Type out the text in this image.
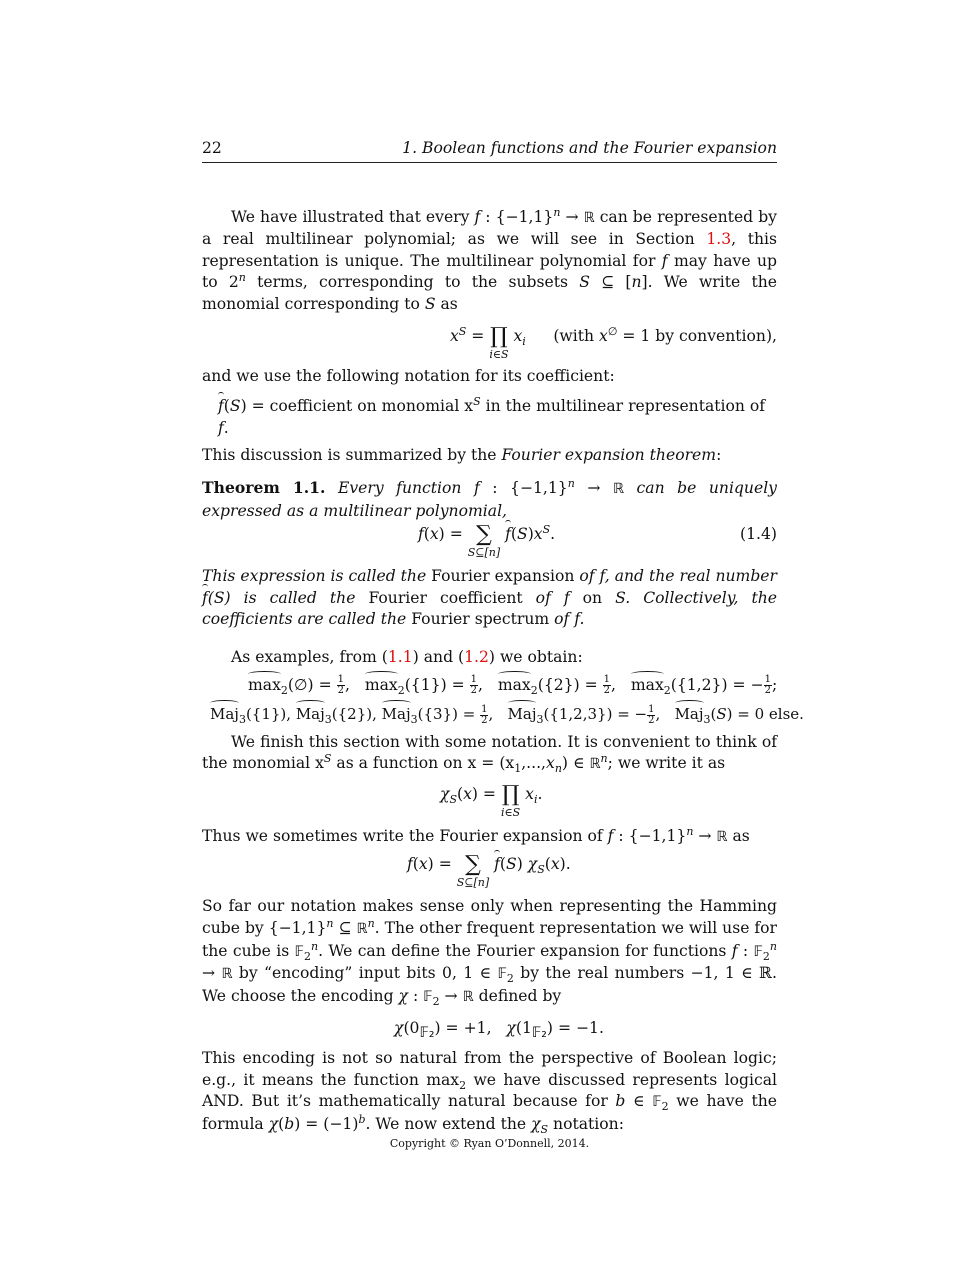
22	1. Boolean functions and the Fourier expansion

We have illustrated that every f : $\{-1,1\}^n$ → ℝ can be represented by a real multilinear polynomial; as we will see in Section 1.3, this representation is unique. The multilinear polynomial for f may have up to 2$^n$ terms, corresponding to the subsets S ⊆ [n]. We write the monomial corresponding to S as

$x^S$ = ∏
i∈S
$x_i$ (with x∅ = 1 by convention),

and we use the following notation for its coefficient:

f(S) = coefficient on monomial $x^S$ in the multilinear representation of f.

This discussion is summarized by the Fourier expansion theorem:

Theorem 1.1. Every function f : $\{-1,1\}^n$ → ℝ can be uniquely expressed as a multilinear polynomial,

f(x) = ∑
S⊆[n]
$f(S)x^S$.	(1.4)

This expression is called the Fourier expansion of f, and the real number f(S) is called the Fourier coefficient of f on S. Collectively, the coefficients are called the Fourier spectrum of f.

As examples, from (1.1) and (1.2) we obtain:

$\max_2(\emptyset) = \frac{1}{2}$ ,   $\max_2(\{1\}) = \frac{1}{2}$ ,   $\max_2(\{2\}) = \frac{1}{2}$ ,   $\max_2(\{1,2\})$ = − $\frac{1}{2}$ ;
Maj$_3$({1}), Maj$_3$({2}), $Maj_3(\{3\}) = \frac{1}{2}$ ,   Maj$_3$({1,2,3}) = − $\frac{1}{2}$ ,   Maj$_3$(S) = 0 else.

We finish this section with some notation. It is convenient to think of the monomial $x^S$ as a function on $x = (x_1,...,x_n)$ ∈ ℝ$^n$; we write it as

$\chi_S(x)$ = ∏
i∈S
$x_i$.

Thus we sometimes write the Fourier expansion of f : $\{-1,1\}^n$ → ℝ as

f(x) = ∑
S⊆[n]
f(S) $\chi_S(x)$.

So far our notation makes sense only when representing the Hamming cube by $\{-1,1\}^n$ ⊆ ℝ$^n$. The other frequent representation we will use for the cube is 𝔽$_2^n$. We can define the Fourier expansion for functions f : 𝔽$_2^n$ → ℝ by “encoding” input bits 0, 1 ∈ 𝔽$_2$ by the real numbers −1, 1 ∈ ℝ. We choose the encoding χ : 𝔽$_2$ → ℝ defined by

$\chi(0_{𝔽_2}) = +1$,   $\chi(1_{𝔽_2}) = -1$.

This encoding is not so natural from the perspective of Boolean logic; e.g., it means the function $\max_2$ we have discussed represents logical AND. But it’s mathematically natural because for b ∈ 𝔽$_2$ we have the formula $\chi(b) = (-1)^b$. We now extend the $\chi_S$ notation:

Copyright © Ryan O’Donnell, 2014.
